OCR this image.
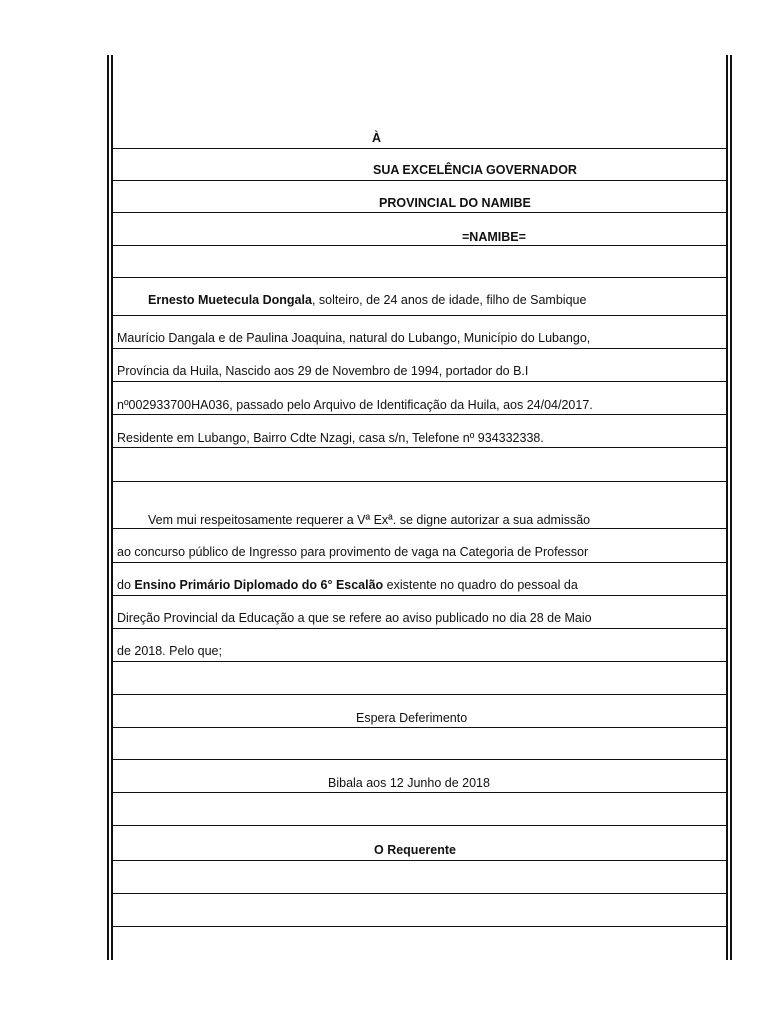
À
SUA EXCELÊNCIA GOVERNADOR
PROVINCIAL DO NAMIBE
=NAMIBE=
Ernesto Muetecula Dongala, solteiro, de 24 anos de idade, filho de Sambique
Maurício Dangala e de Paulina Joaquina, natural do Lubango, Município do Lubango,
Província da Huila, Nascido aos 29 de Novembro de 1994, portador do B.I
nº002933700HA036, passado pelo Arquivo de Identificação da Huila, aos 24/04/2017.
Residente em Lubango, Bairro Cdte Nzagi, casa s/n, Telefone nº 934332338.
Vem mui respeitosamente requerer a Vª Exª. se digne autorizar a sua admissão
ao concurso público de Ingresso para provimento de vaga na Categoria de Professor
do Ensino Primário Diplomado do 6° Escalão existente no quadro do pessoal da
Direção Provincial da Educação a que se refere ao aviso publicado no dia 28 de Maio
de 2018. Pelo que;
Espera Deferimento
Bibala aos 12 Junho de 2018
O Requerente
